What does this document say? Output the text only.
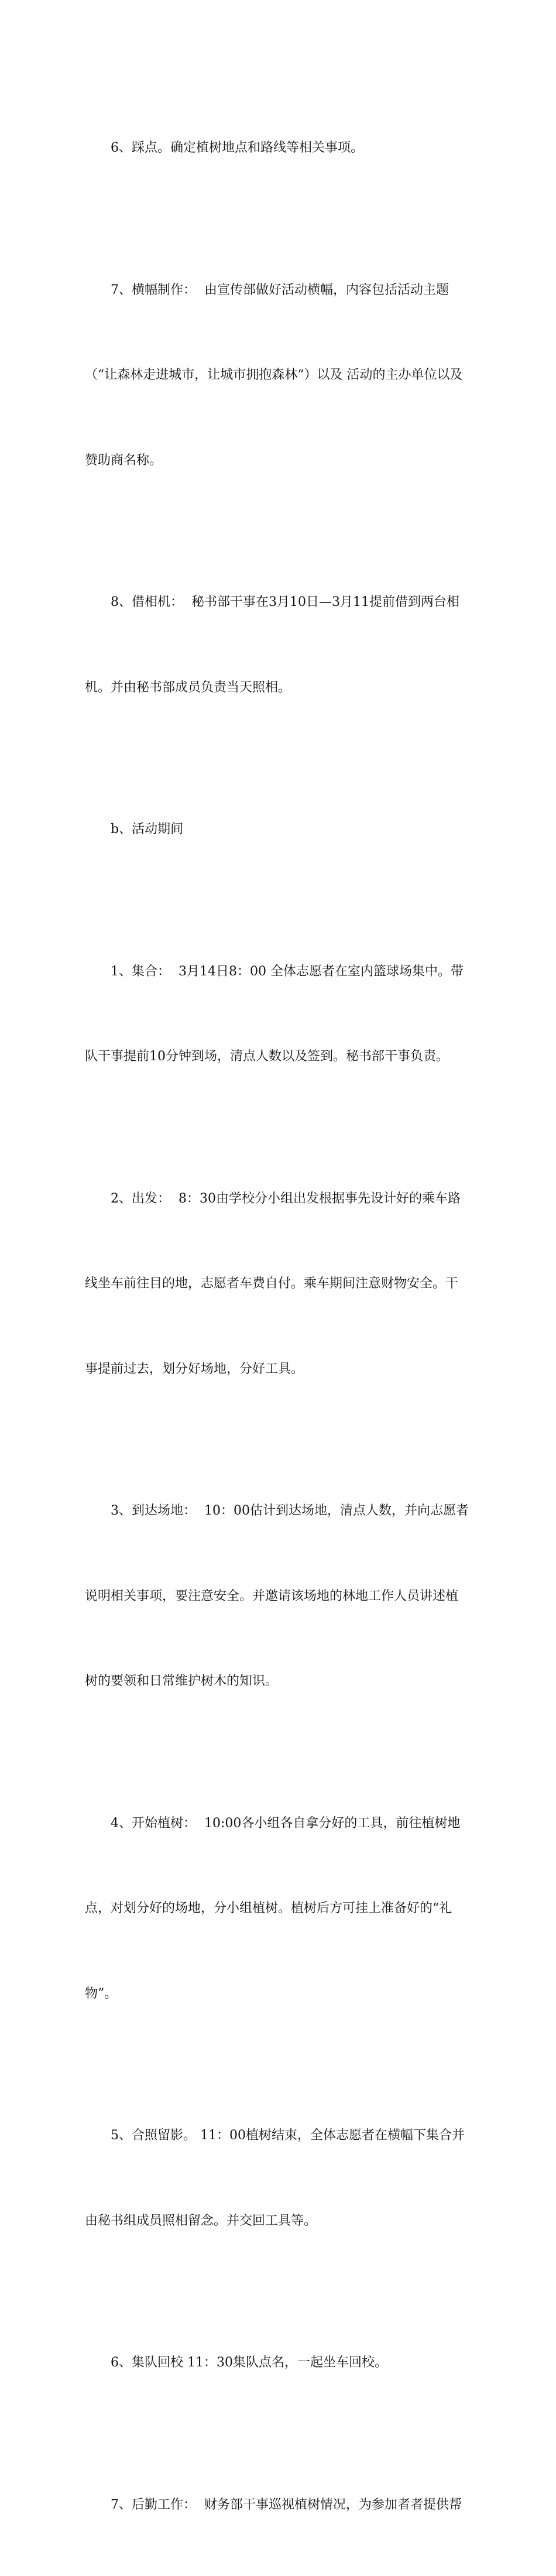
6、踩点。确定植树地点和路线等相关事项。

7、横幅制作：  由宣传部做好活动横幅，内容包括活动主题

（“让森林走进城市，让城市拥抱森林“）以及 活动的主办单位以及

赞助商名称。

8、借相机：  秘书部干事在3月10日—3月11提前借到两台相

机。并由秘书部成员负责当天照相。

b、活动期间

1、集合：  3月14日8：00 全体志愿者在室内篮球场集中。带

队干事提前10分钟到场，清点人数以及签到。秘书部干事负责。

2、出发：  8：30由学校分小组出发根据事先设计好的乘车路

线坐车前往目的地，志愿者车费自付。乘车期间注意财物安全。干

事提前过去，划分好场地，分好工具。

3、到达场地：  10：00估计到达场地，清点人数，并向志愿者

说明相关事项，要注意安全。并邀请该场地的林地工作人员讲述植

树的要领和日常维护树木的知识。

4、开始植树：  10:00各小组各自拿分好的工具，前往植树地

点，对划分好的场地，分小组植树。植树后方可挂上准备好的“礼

物”。

5、合照留影。 11：00植树结束，全体志愿者在横幅下集合并

由秘书组成员照相留念。并交回工具等。

6、集队回校 11：30集队点名，一起坐车回校。

7、后勤工作：  财务部干事巡视植树情况，为参加者者提供帮
